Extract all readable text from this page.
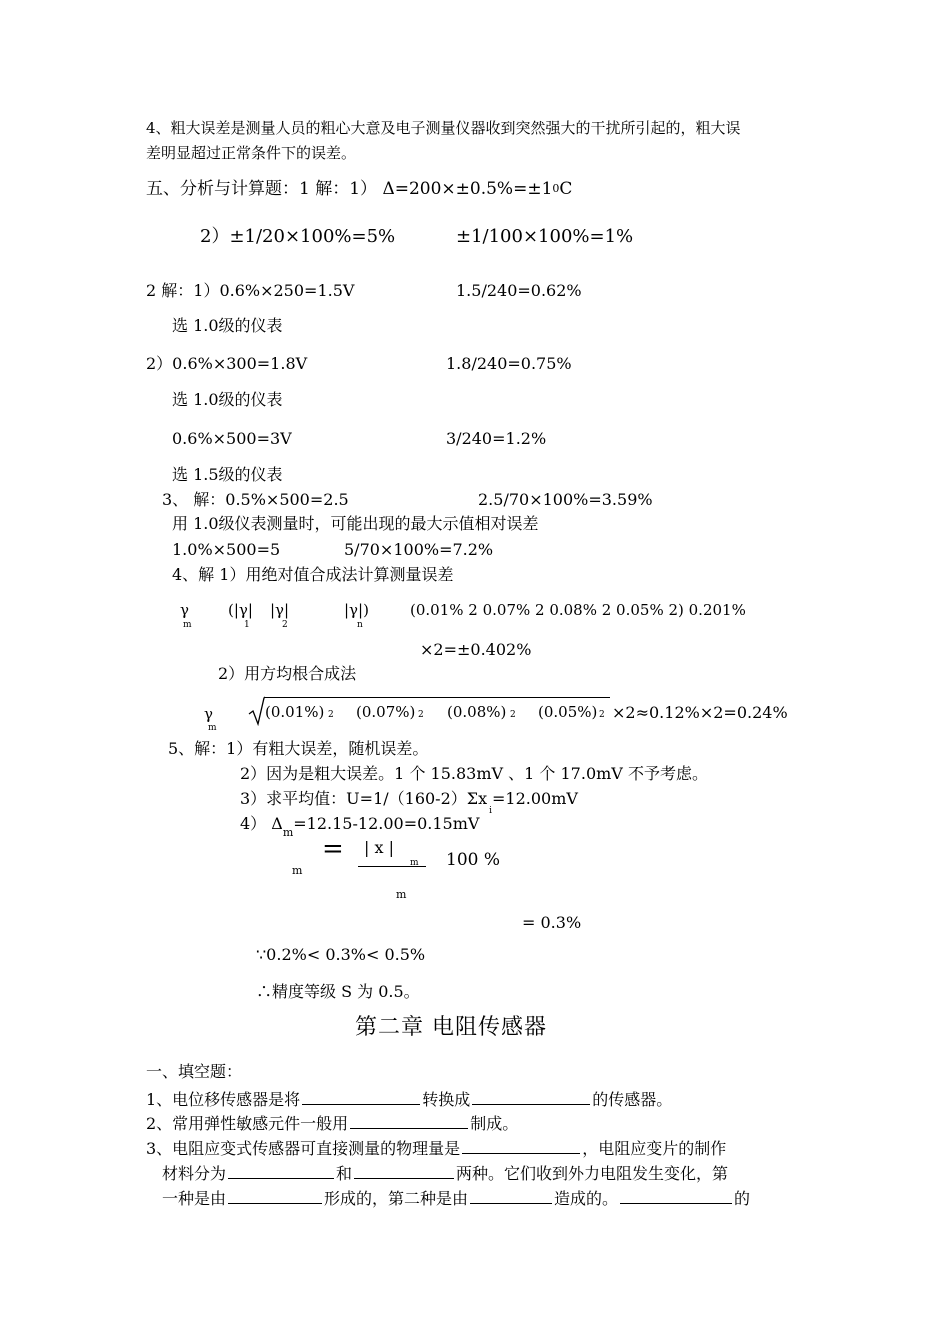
4、粗大误差是测量人员的粗心大意及电子测量仪器收到突然强大的干扰所引起的，粗大误
差明显超过正常条件下的误差。
五、分析与计算题：1 解：1） Δ=200×±0.5%=±10C
2）±1/20×100%=5%	±1/100×100%=1%
2 解：1）0.6%×250=1.5V	1.5/240=0.62%
选 1.0级的仪表
2）0.6%×300=1.8V	1.8/240=0.75%
选 1.0级的仪表
0.6%×500=3V	3/240=1.2%
选 1.5级的仪表
3、 解：0.5%×500=2.5	2.5/70×100%=3.59%
用 1.0级仪表测量时，可能出现的最大示值相对误差
1.0%×500=5	5/70×100%=7.2%
4、解 1）用绝对值合成法计算测量误差
γ
m
(|γ|
1
|γ|
2
|γ|)
n
(0.01% 2 0.07% 2 0.08% 2 0.05% 2) 0.201%
×2=±0.402%
2）用方均根合成法
γ
m
(0.01%) 2 (0.07%) 2 (0.08%) 2 (0.05%) 2 ×2≈0.12%×2=0.24%
5、解：1）有粗大误差，随机误差。
2）因为是粗大误差。1 个 15.83mV 、1 个 17.0mV 不予考虑。
3）求平均值：$U=1/(160-2)\Sigma x_i=12.00mV$
4） $\Delta_m=12.15-12.00=0.15mV$
m
= | x |
m
m
100 %
= 0.3%
∵0.2%< 0.3%< 0.5%
∴精度等级 S 为 0.5。
第二章 电阻传感器
一、填空题：
1、电位移传感器是将	转换成	的传感器。
2、常用弹性敏感元件一般用	制成。
3、电阻应变式传感器可直接测量的物理量是	，电阻应变片的制作
材料分为	和	两种。它们收到外力电阻发生变化，第
一种是由	形成的，第二种是由	造成的。	的
